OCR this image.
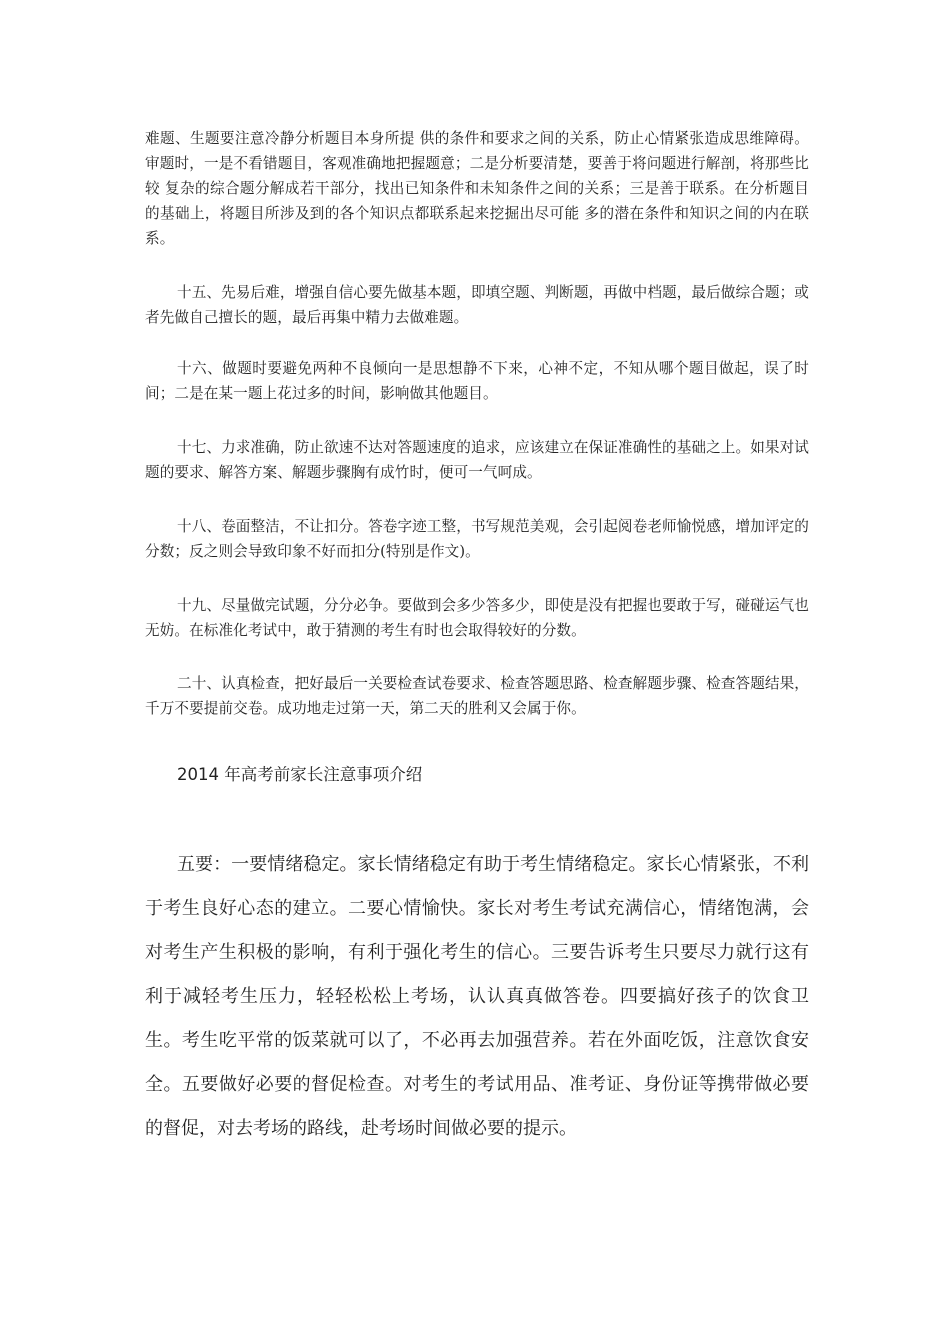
难题、生题要注意冷静分析题目本身所提 供的条件和要求之间的关系，防止心情紧张造成思维障碍。审题时，一是不看错题目，客观准确地把握题意；二是分析要清楚，要善于将问题进行解剖，将那些比较 复杂的综合题分解成若干部分，找出已知条件和未知条件之间的关系；三是善于联系。在分析题目的基础上，将题目所涉及到的各个知识点都联系起来挖掘出尽可能 多的潜在条件和知识之间的内在联系。

十五、先易后难，增强自信心要先做基本题，即填空题、判断题，再做中档题，最后做综合题；或者先做自己擅长的题，最后再集中精力去做难题。

十六、做题时要避免两种不良倾向一是思想静不下来，心神不定，不知从哪个题目做起，误了时间；二是在某一题上花过多的时间，影响做其他题目。

十七、力求准确，防止欲速不达对答题速度的追求，应该建立在保证准确性的基础之上。如果对试题的要求、解答方案、解题步骤胸有成竹时，便可一气呵成。

十八、卷面整洁，不让扣分。答卷字迹工整，书写规范美观，会引起阅卷老师愉悦感，增加评定的分数；反之则会导致印象不好而扣分(特别是作文)。

十九、尽量做完试题，分分必争。要做到会多少答多少，即使是没有把握也要敢于写，碰碰运气也无妨。在标准化考试中，敢于猜测的考生有时也会取得较好的分数。

二十、认真检查，把好最后一关要检查试卷要求、检查答题思路、检查解题步骤、检查答题结果，千万不要提前交卷。成功地走过第一天，第二天的胜利又会属于你。

2014 年高考前家长注意事项介绍

五要：一要情绪稳定。家长情绪稳定有助于考生情绪稳定。家长心情紧张，不利于考生良好心态的建立。二要心情愉快。家长对考生考试充满信心，情绪饱满，会对考生产生积极的影响，有利于强化考生的信心。三要告诉考生只要尽力就行这有利于减轻考生压力，轻轻松松上考场，认认真真做答卷。四要搞好孩子的饮食卫生。考生吃平常的饭菜就可以了，不必再去加强营养。若在外面吃饭，注意饮食安全。五要做好必要的督促检查。对考生的考试用品、准考证、身份证等携带做必要的督促，对去考场的路线，赴考场时间做必要的提示。
